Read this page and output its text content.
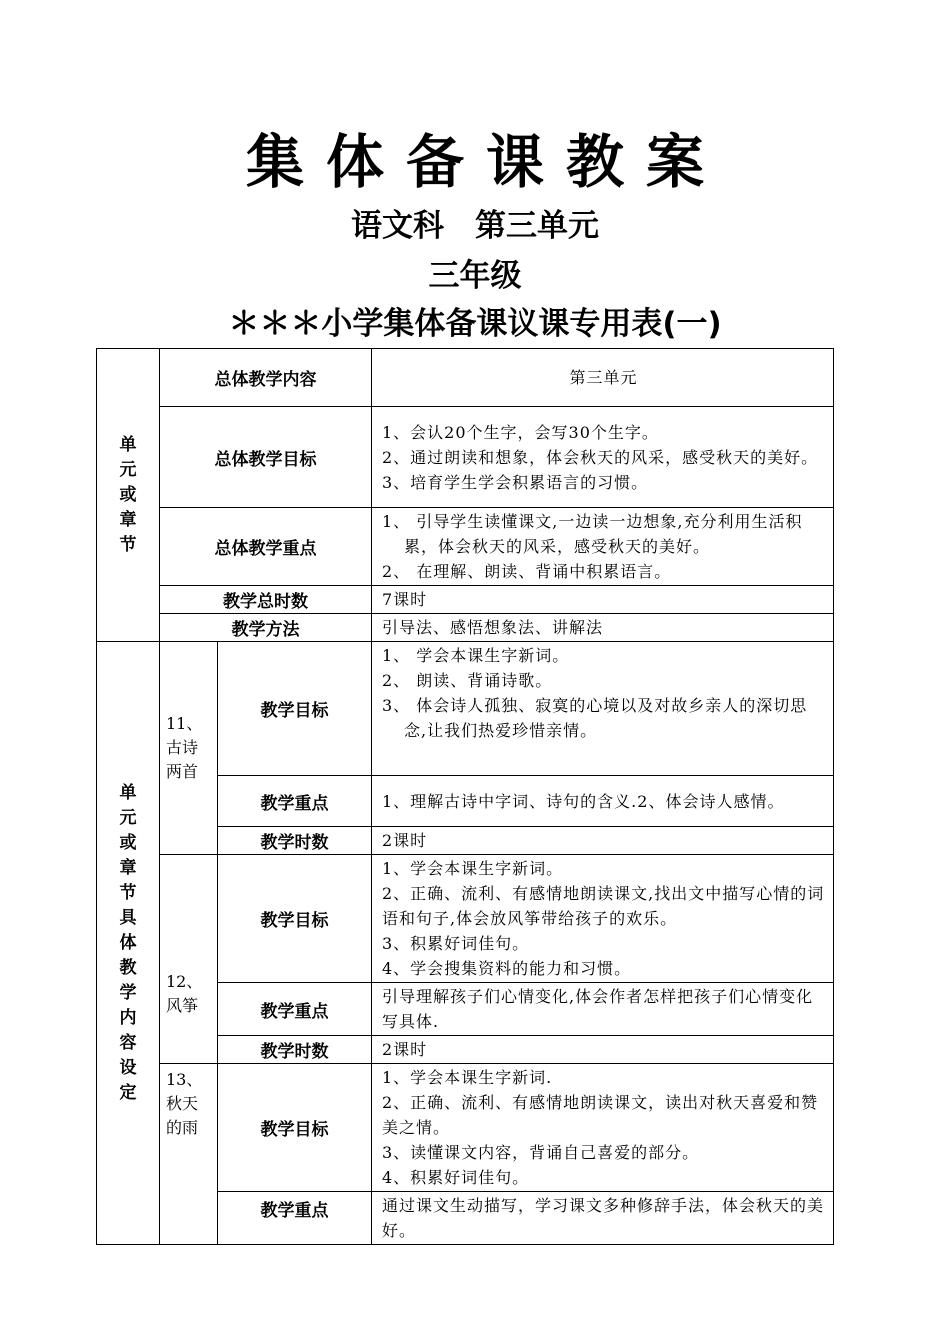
集体备课教案
语文科　第三单元
三年级
＊＊＊小学集体备课议课专用表(一)
单元或章节	总体教学内容		第三单元
	总体教学目标		1、会认20个生字，会写30个生字。
2、通过朗读和想象，体会秋天的风采，感受秋天的美好。
3、培育学生学会积累语言的习惯。

	总体教学重点		1、 引导学生读懂课文,一边读一边想象,充分利用生活积累，体会秋天的风采，感受秋天的美好。
2、 在理解、朗读、背诵中积累语言。

	教学总时数		7课时
	教学方法		引导法、感悟想象法、讲解法
单元或章节具体教学内容设定	11、古诗两首	教学目标	1、 学会本课生字新词。
2、 朗读、背诵诗歌。
3、 体会诗人孤独、寂寞的心境以及对故乡亲人的深切思念,让我们热爱珍惜亲情。

		教学重点	1、理解古诗中字词、诗句的含义.2、体会诗人感情。
		教学时数	2课时

	12、风筝	教学目标	1、学会本课生字新词。
2、正确、流利、有感情地朗读课文,找出文中描写心情的词语和句子,体会放风筝带给孩子的欢乐。
3、积累好词佳句。
4、学会搜集资料的能力和习惯。

		教学重点	引导理解孩子们心情变化,体会作者怎样把孩子们心情变化写具体.
		教学时数	2课时

	13、秋天的雨	教学目标	1、学会本课生字新词.
2、正确、流利、有感情地朗读课文，读出对秋天喜爱和赞美之情。
3、读懂课文内容，背诵自己喜爱的部分。
4、积累好词佳句。

		教学重点	通过课文生动描写，学习课文多种修辞手法，体会秋天的美好。
